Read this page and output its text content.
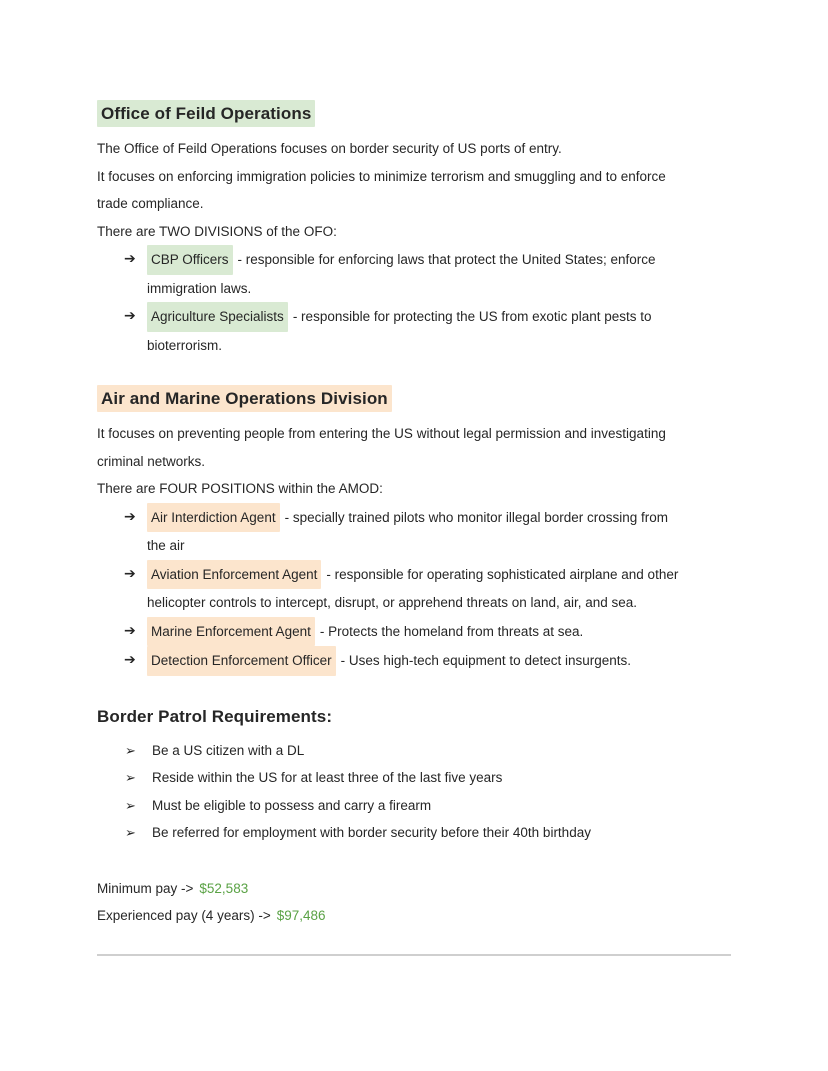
Office of Feild Operations
The Office of Feild Operations focuses on border security of US ports of entry.
It focuses on enforcing immigration policies to minimize terrorism and smuggling and to enforce
trade compliance.
There are TWO DIVISIONS of the OFO:
➔	CBP Officers - responsible for enforcing laws that protect the United States; enforce
immigration laws.
➔	Agriculture Specialists - responsible for protecting the US from exotic plant pests to
bioterrorism.
Air and Marine Operations Division
It focuses on preventing people from entering the US without legal permission and investigating
criminal networks.
There are FOUR POSITIONS within the AMOD:
➔	Air Interdiction Agent - specially trained pilots who monitor illegal border crossing from
the air
➔	Aviation Enforcement Agent - responsible for operating sophisticated airplane and other
helicopter controls to intercept, disrupt, or apprehend threats on land, air, and sea.
➔	Marine Enforcement Agent - Protects the homeland from threats at sea.
➔	Detection Enforcement Officer - Uses high-tech equipment to detect insurgents.
Border Patrol Requirements:
➢	Be a US citizen with a DL
➢	Reside within the US for at least three of the last five years
➢	Must be eligible to possess and carry a firearm
➢	Be referred for employment with border security before their 40th birthday
Minimum pay -> $52,583
Experienced pay (4 years) -> $97,486
